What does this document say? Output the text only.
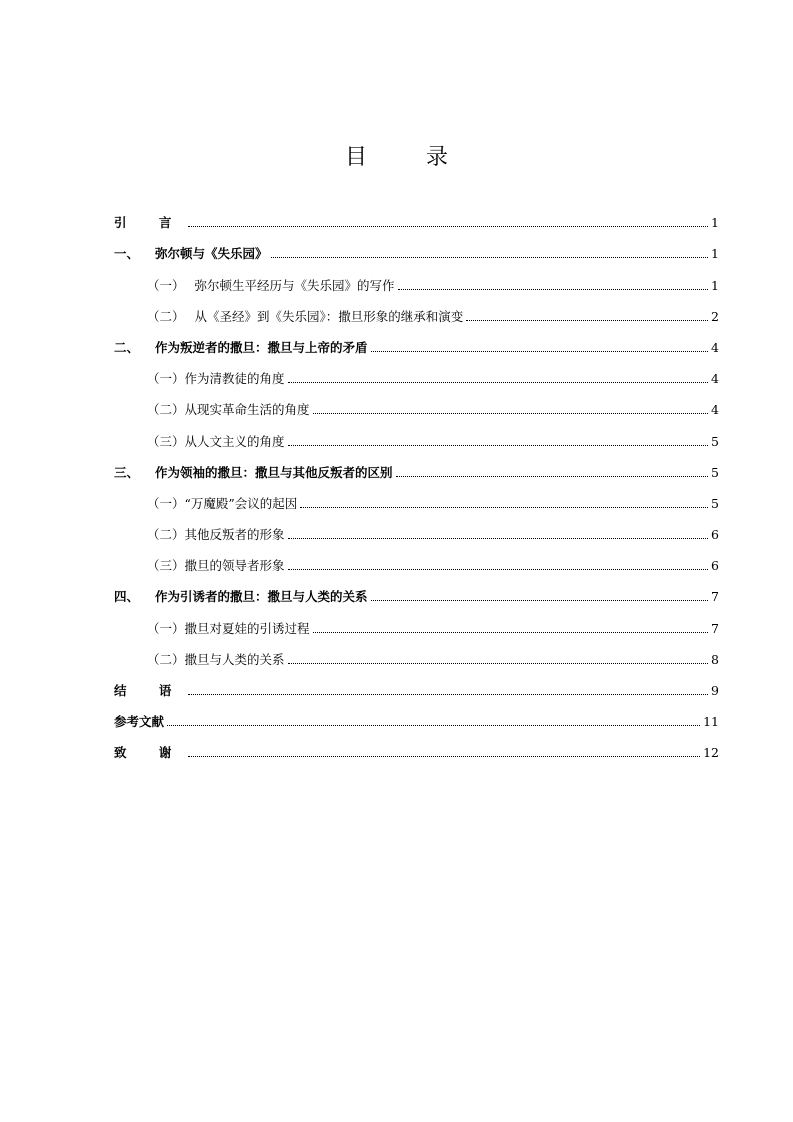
目 录
引 言	1
一、 弥尔顿与《失乐园》	1
（一） 弥尔顿生平经历与《失乐园》的写作	1
（二） 从《圣经》到《失乐园》：撒旦形象的继承和演变	2
二、 作为叛逆者的撒旦：撒旦与上帝的矛盾	4
（一） 作为清教徒的角度	4
（二） 从现实革命生活的角度	4
（三） 从人文主义的角度	5
三、 作为领袖的撒旦：撒旦与其他反叛者的区别	5
（一） “万魔殿”会议的起因	5
（二） 其他反叛者的形象	6
（三） 撒旦的领导者形象	6
四、 作为引诱者的撒旦：撒旦与人类的关系	7
（一） 撒旦对夏娃的引诱过程	7
（二） 撒旦与人类的关系	8
结 语	9
参考文献	11
致 谢	12
